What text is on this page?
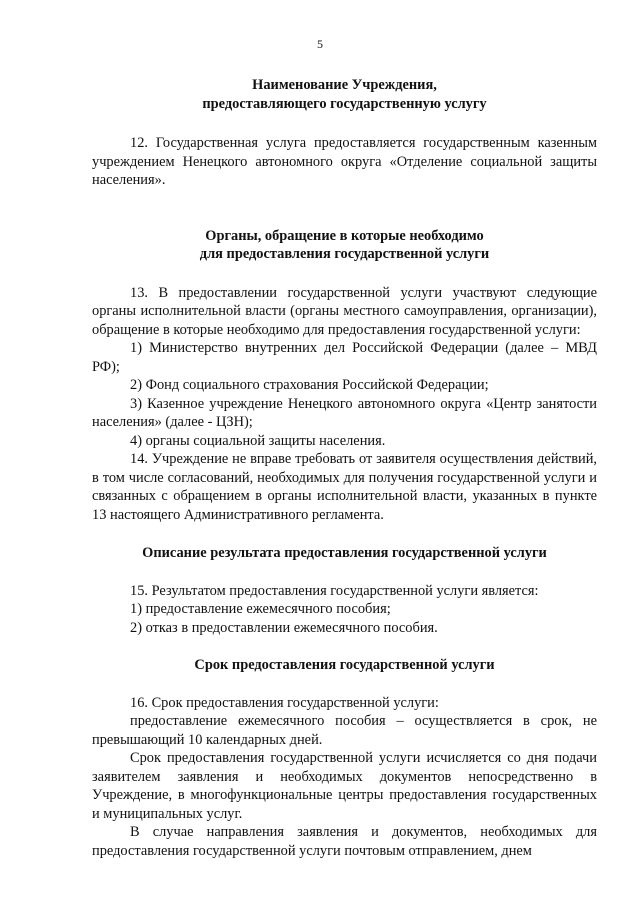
5

Наименование Учреждения,

предоставляющего государственную услугу

12. Государственная услуга предоставляется государственным казенным учреждением Ненецкого автономного округа «Отделение социальной защиты населения».

Органы, обращение в которые необходимо

для предоставления государственной услуги

13. В предоставлении государственной услуги участвуют следующие органы исполнительной власти (органы местного самоуправления, организации), обращение в которые необходимо для предоставления государственной услуги:

1) Министерство внутренних дел Российской Федерации (далее – МВД РФ);

2) Фонд социального страхования Российской Федерации;

3) Казенное учреждение Ненецкого автономного округа «Центр занятости населения» (далее - ЦЗН);

4) органы социальной защиты населения.

14. Учреждение не вправе требовать от заявителя осуществления действий, в том числе согласований, необходимых для получения государственной услуги и связанных с обращением в органы исполнительной власти, указанных в пункте 13 настоящего Административного регламента.

Описание результата предоставления государственной услуги

15. Результатом предоставления государственной услуги является:

1) предоставление ежемесячного пособия;

2) отказ в предоставлении ежемесячного пособия.

Срок предоставления государственной услуги

16. Срок предоставления государственной услуги:

предоставление ежемесячного пособия – осуществляется в срок, не превышающий 10 календарных дней.

Срок предоставления государственной услуги исчисляется со дня подачи заявителем заявления и необходимых документов непосредственно в Учреждение, в многофункциональные центры предоставления государственных и муниципальных услуг.

В случае направления заявления и документов, необходимых для предоставления государственной услуги почтовым отправлением, днем
